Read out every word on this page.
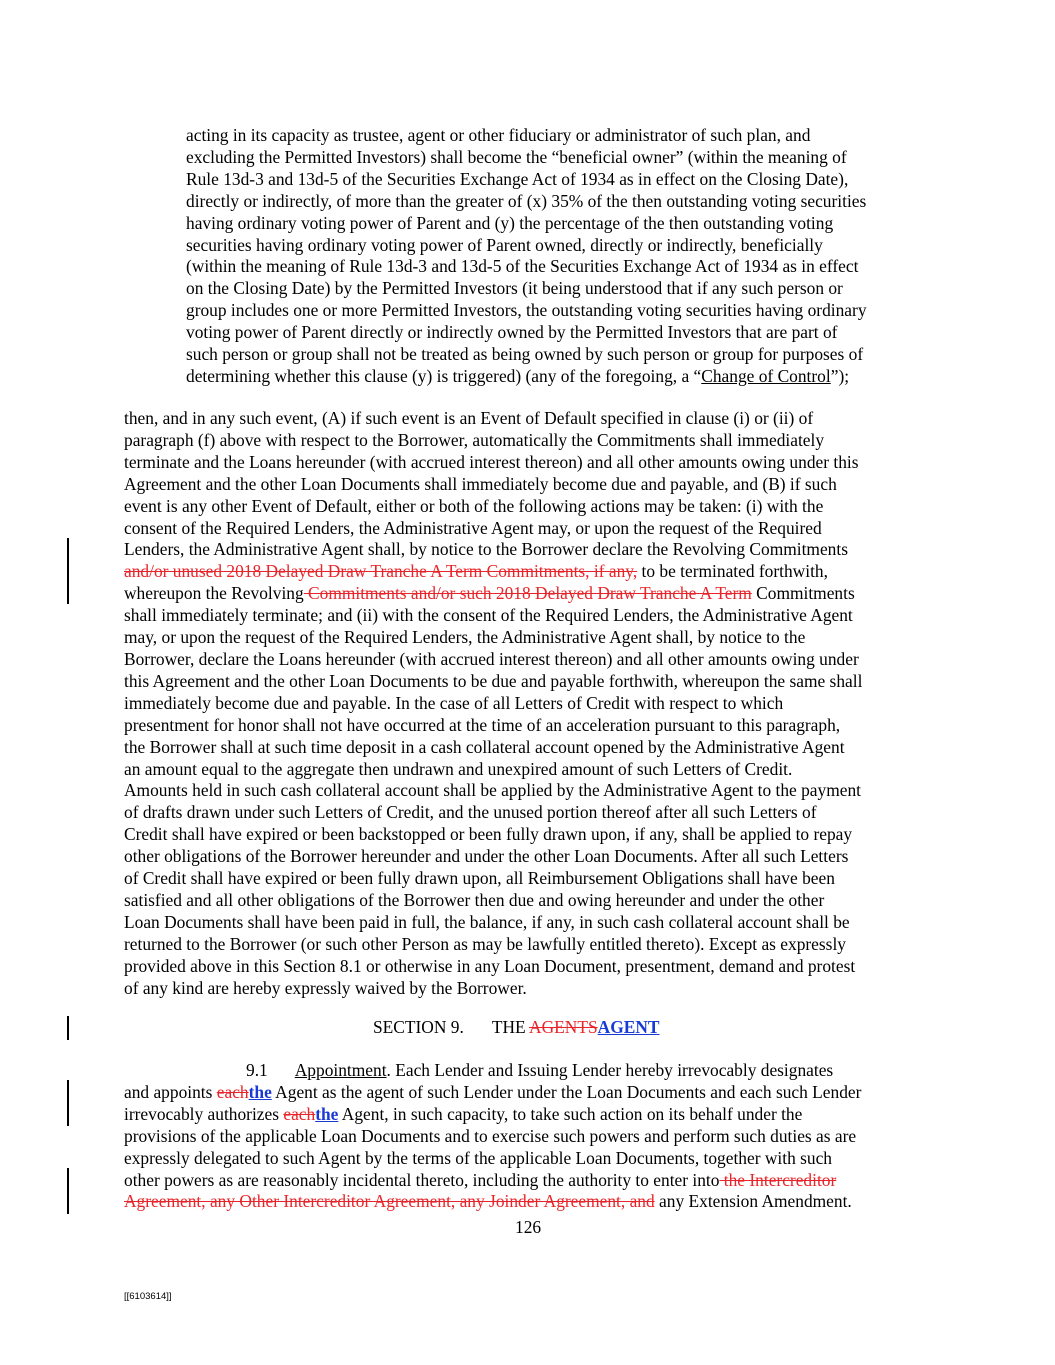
acting in its capacity as trustee, agent or other fiduciary or administrator of such plan, and
excluding the Permitted Investors) shall become the “beneficial owner” (within the meaning of
Rule 13d-3 and 13d-5 of the Securities Exchange Act of 1934 as in effect on the Closing Date),
directly or indirectly, of more than the greater of (x) 35% of the then outstanding voting securities
having ordinary voting power of Parent and (y) the percentage of the then outstanding voting
securities having ordinary voting power of Parent owned, directly or indirectly, beneficially
(within the meaning of Rule 13d-3 and 13d-5 of the Securities Exchange Act of 1934 as in effect
on the Closing Date) by the Permitted Investors (it being understood that if any such person or
group includes one or more Permitted Investors, the outstanding voting securities having ordinary
voting power of Parent directly or indirectly owned by the Permitted Investors that are part of
such person or group shall not be treated as being owned by such person or group for purposes of
determining whether this clause (y) is triggered) (any of the foregoing, a “Change of Control”);
then, and in any such event, (A) if such event is an Event of Default specified in clause (i) or (ii) of
paragraph (f) above with respect to the Borrower, automatically the Commitments shall immediately
terminate and the Loans hereunder (with accrued interest thereon) and all other amounts owing under this
Agreement and the other Loan Documents shall immediately become due and payable, and (B) if such
event is any other Event of Default, either or both of the following actions may be taken: (i) with the
consent of the Required Lenders, the Administrative Agent may, or upon the request of the Required
Lenders, the Administrative Agent shall, by notice to the Borrower declare the Revolving Commitments
and/or unused 2018 Delayed Draw Tranche A Term Commitments, if any, to be terminated forthwith,
whereupon the Revolving Commitments and/or such 2018 Delayed Draw Tranche A Term Commitments
shall immediately terminate; and (ii) with the consent of the Required Lenders, the Administrative Agent
may, or upon the request of the Required Lenders, the Administrative Agent shall, by notice to the
Borrower, declare the Loans hereunder (with accrued interest thereon) and all other amounts owing under
this Agreement and the other Loan Documents to be due and payable forthwith, whereupon the same shall
immediately become due and payable. In the case of all Letters of Credit with respect to which
presentment for honor shall not have occurred at the time of an acceleration pursuant to this paragraph,
the Borrower shall at such time deposit in a cash collateral account opened by the Administrative Agent
an amount equal to the aggregate then undrawn and unexpired amount of such Letters of Credit.
Amounts held in such cash collateral account shall be applied by the Administrative Agent to the payment
of drafts drawn under such Letters of Credit, and the unused portion thereof after all such Letters of
Credit shall have expired or been backstopped or been fully drawn upon, if any, shall be applied to repay
other obligations of the Borrower hereunder and under the other Loan Documents. After all such Letters
of Credit shall have expired or been fully drawn upon, all Reimbursement Obligations shall have been
satisfied and all other obligations of the Borrower then due and owing hereunder and under the other
Loan Documents shall have been paid in full, the balance, if any, in such cash collateral account shall be
returned to the Borrower (or such other Person as may be lawfully entitled thereto). Except as expressly
provided above in this Section 8.1 or otherwise in any Loan Document, presentment, demand and protest
of any kind are hereby expressly waived by the Borrower.
SECTION 9. THE AGENTSAGENT
9.1 Appointment. Each Lender and Issuing Lender hereby irrevocably designates
and appoints eachthe Agent as the agent of such Lender under the Loan Documents and each such Lender
irrevocably authorizes eachthe Agent, in such capacity, to take such action on its behalf under the
provisions of the applicable Loan Documents and to exercise such powers and perform such duties as are
expressly delegated to such Agent by the terms of the applicable Loan Documents, together with such
other powers as are reasonably incidental thereto, including the authority to enter into the Intercreditor
Agreement, any Other Intercreditor Agreement, any Joinder Agreement, and any Extension Amendment.
126
[[6103614]]
